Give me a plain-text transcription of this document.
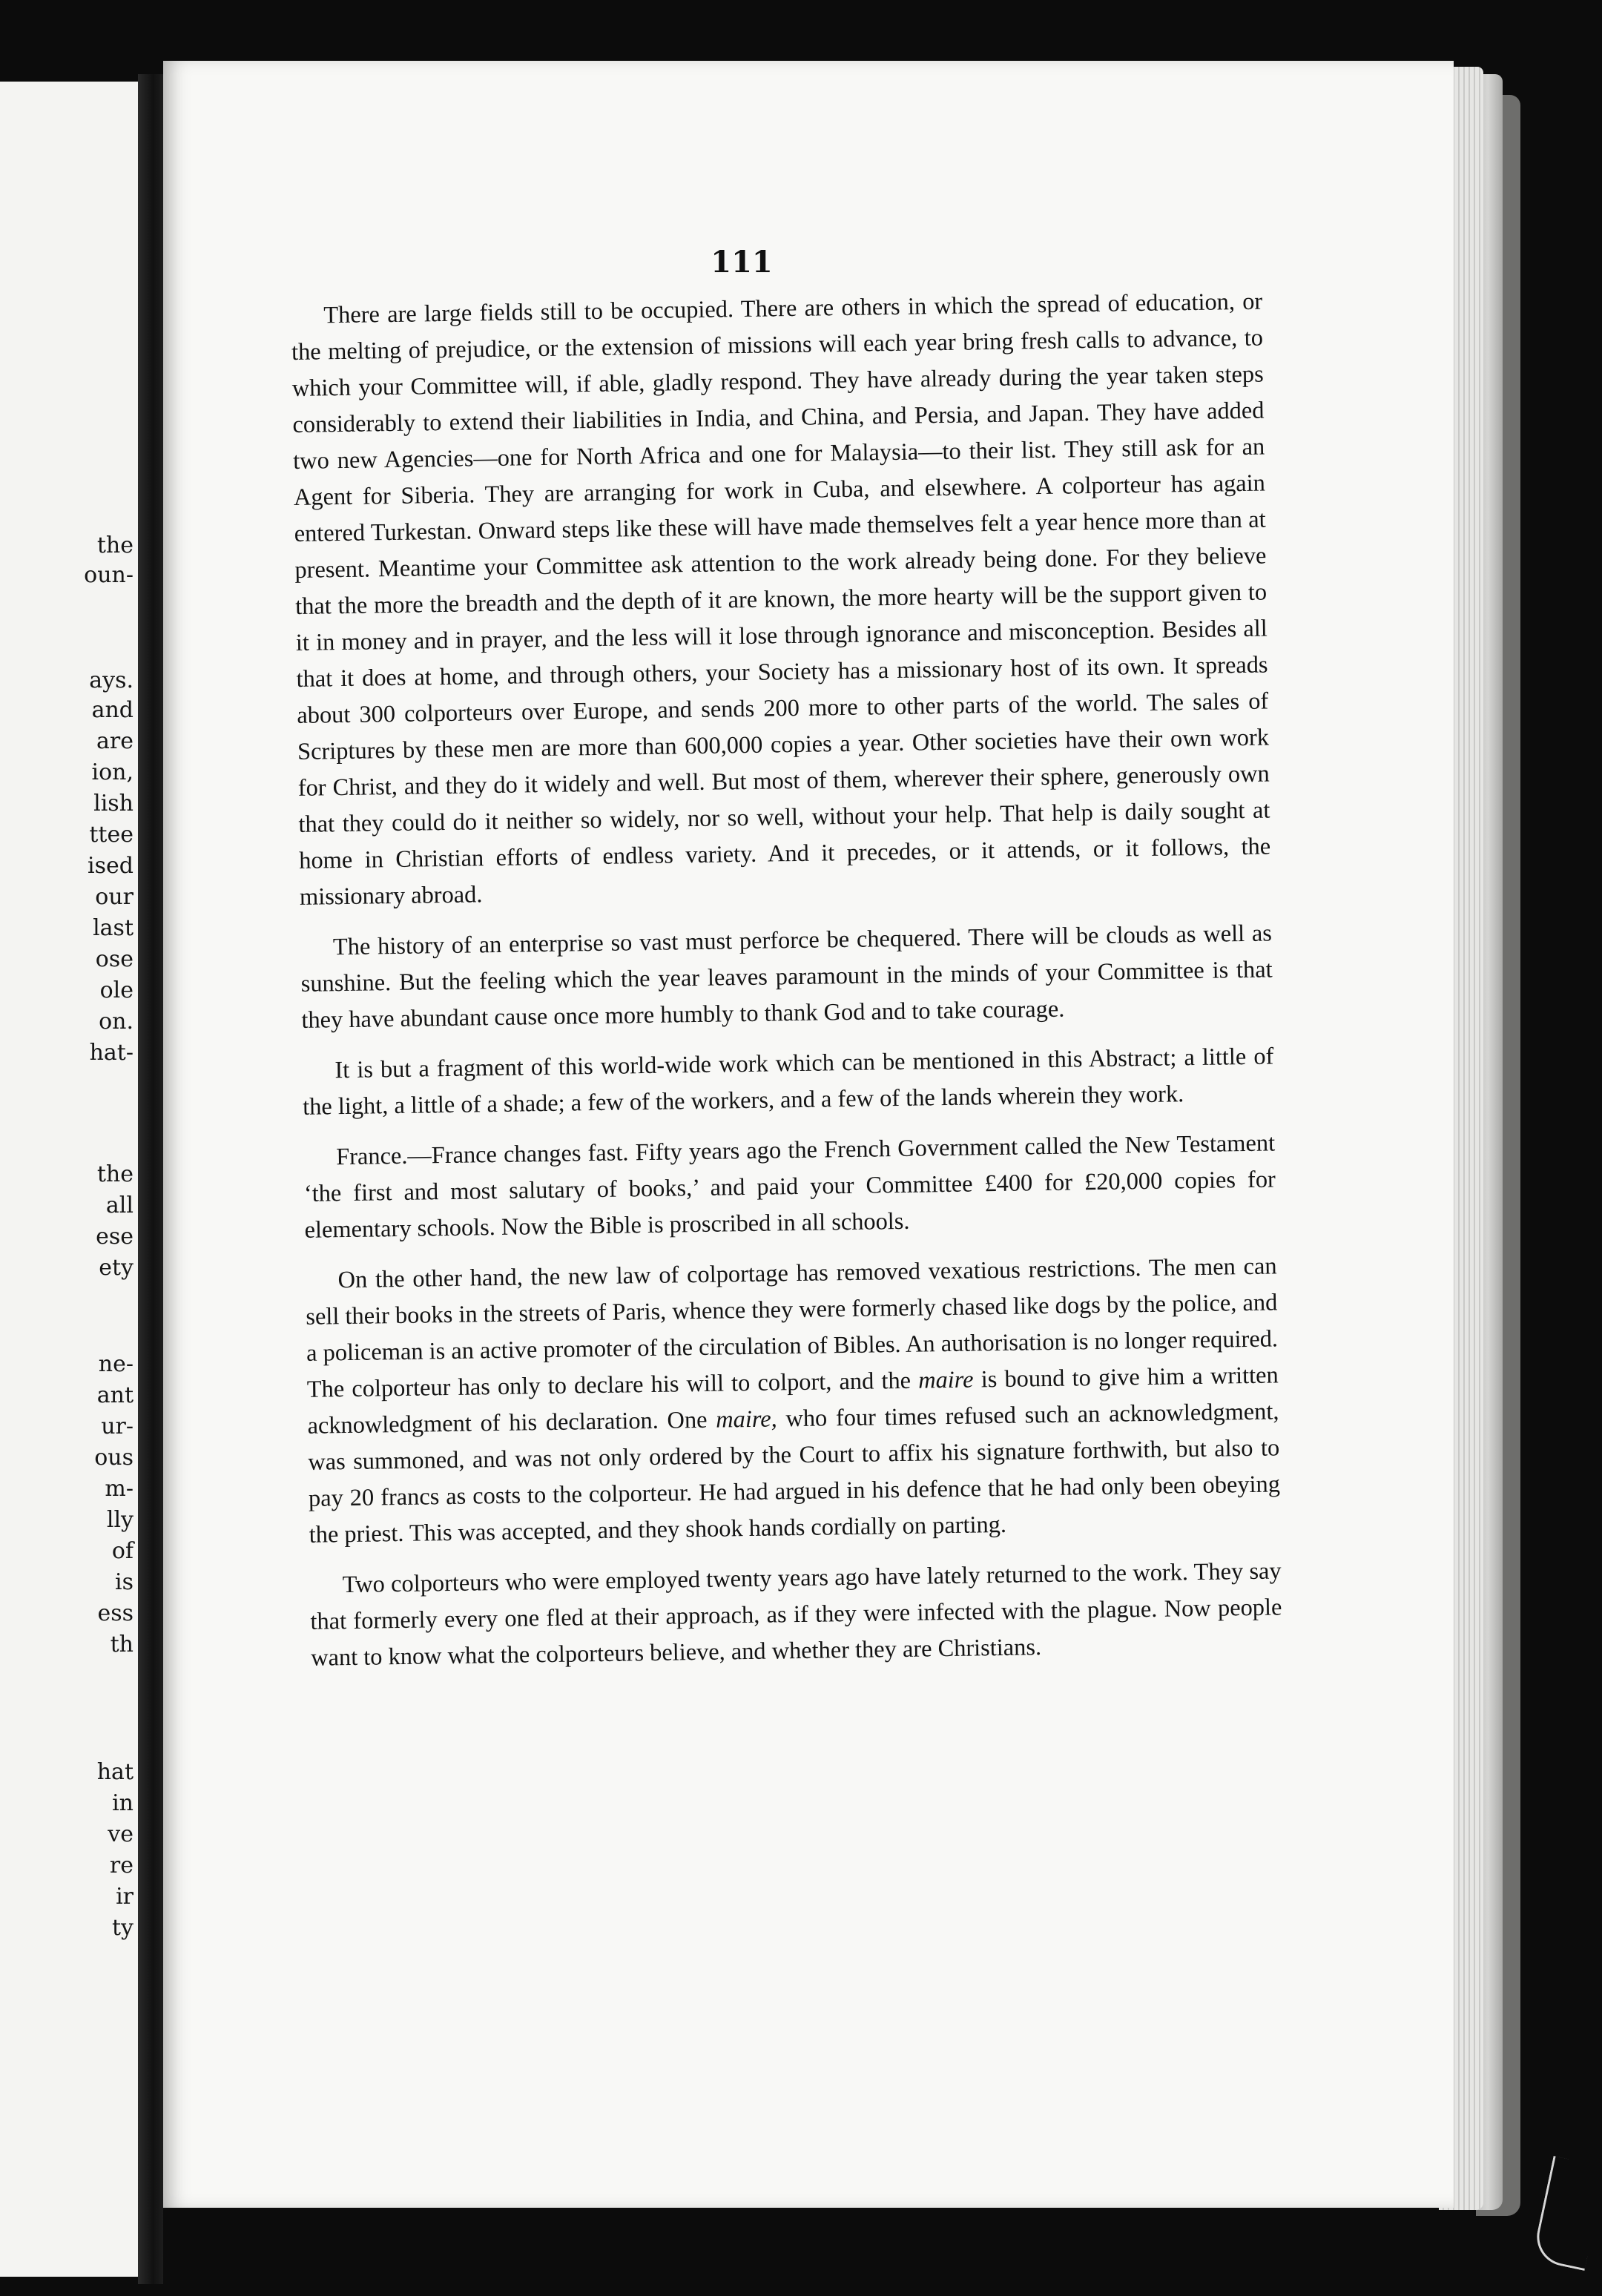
the
oun-
ays.
and
are
ion,
lish
ttee
ised
our
last
ose
ole
on.
hat-
the
all
ese
ety
ne-
ant
ur-
ous
m-
lly
of
is
ess
th
hat
in
ve
re
ir
ty
111

There are large fields still to be occupied. There are others in which the spread of education, or the melting of prejudice, or the extension of missions will each year bring fresh calls to advance, to which your Committee will, if able, gladly respond. They have already during the year taken steps considerably to extend their liabilities in India, and China, and Persia, and Japan. They have added two new Agencies—one for North Africa and one for Malaysia—to their list. They still ask for an Agent for Siberia. They are arranging for work in Cuba, and elsewhere. A colporteur has again entered Turkestan. Onward steps like these will have made themselves felt a year hence more than at present. Meantime your Committee ask attention to the work already being done. For they believe that the more the breadth and the depth of it are known, the more hearty will be the support given to it in money and in prayer, and the less will it lose through ignorance and misconception. Besides all that it does at home, and through others, your Society has a missionary host of its own. It spreads about 300 colporteurs over Europe, and sends 200 more to other parts of the world. The sales of Scriptures by these men are more than 600,000 copies a year. Other societies have their own work for Christ, and they do it widely and well. But most of them, wherever their sphere, generously own that they could do it neither so widely, nor so well, without your help. That help is daily sought at home in Christian efforts of endless variety. And it precedes, or it attends, or it follows, the missionary abroad.

The history of an enterprise so vast must perforce be chequered. There will be clouds as well as sunshine. But the feeling which the year leaves paramount in the minds of your Committee is that they have abundant cause once more humbly to thank God and to take courage.

It is but a fragment of this world-wide work which can be mentioned in this Abstract; a little of the light, a little of a shade; a few of the workers, and a few of the lands wherein they work.

France.—France changes fast. Fifty years ago the French Government called the New Testament ‘the first and most salutary of books,’ and paid your Committee £400 for £20,000 copies for elementary schools. Now the Bible is proscribed in all schools.

On the other hand, the new law of colportage has removed vexatious restrictions. The men can sell their books in the streets of Paris, whence they were formerly chased like dogs by the police, and a policeman is an active promoter of the circulation of Bibles. An authorisation is no longer required. The colporteur has only to declare his will to colport, and the maire is bound to give him a written acknowledgment of his declaration. One maire, who four times refused such an acknowledgment, was summoned, and was not only ordered by the Court to affix his signature forthwith, but also to pay 20 francs as costs to the colporteur. He had argued in his defence that he had only been obeying the priest. This was accepted, and they shook hands cordially on parting.

Two colporteurs who were employed twenty years ago have lately returned to the work. They say that formerly every one fled at their approach, as if they were infected with the plague. Now people want to know what the colporteurs believe, and whether they are Christians.
